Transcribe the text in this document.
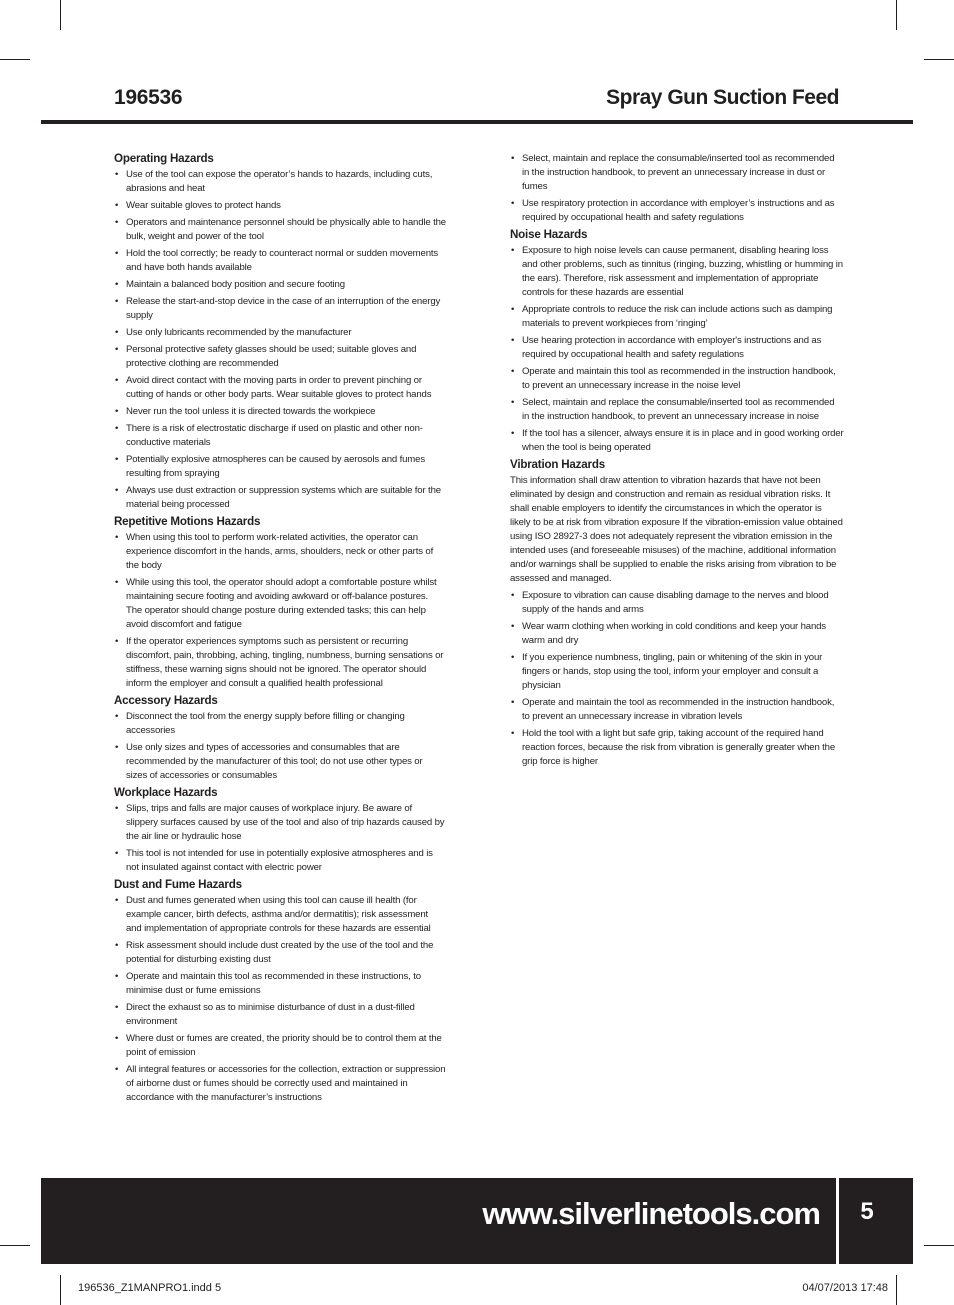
196536	Spray Gun Suction Feed
Operating Hazards
• Use of the tool can expose the operator’s hands to hazards, including cuts, abrasions and heat
• Wear suitable gloves to protect hands
• Operators and maintenance personnel should be physically able to handle the bulk, weight and power of the tool
• Hold the tool correctly; be ready to counteract normal or sudden movements and have both hands available
• Maintain a balanced body position and secure footing
• Release the start-and-stop device in the case of an interruption of the energy supply
• Use only lubricants recommended by the manufacturer
• Personal protective safety glasses should be used; suitable gloves and protective clothing are recommended
• Avoid direct contact with the moving parts in order to prevent pinching or cutting of hands or other body parts. Wear suitable gloves to protect hands
• Never run the tool unless it is directed towards the workpiece
• There is a risk of electrostatic discharge if used on plastic and other non-conductive materials
• Potentially explosive atmospheres can be caused by aerosols and fumes resulting from spraying
• Always use dust extraction or suppression systems which are suitable for the material being processed
Repetitive Motions Hazards
• When using this tool to perform work-related activities, the operator can experience discomfort in the hands, arms, shoulders, neck or other parts of the body
• While using this tool, the operator should adopt a comfortable posture whilst maintaining secure footing and avoiding awkward or off-balance postures. The operator should change posture during extended tasks; this can help avoid discomfort and fatigue
• If the operator experiences symptoms such as persistent or recurring discomfort, pain, throbbing, aching, tingling, numbness, burning sensations or stiffness, these warning signs should not be ignored. The operator should inform the employer and consult a qualified health professional
Accessory Hazards
• Disconnect the tool from the energy supply before filling or changing accessories
• Use only sizes and types of accessories and consumables that are recommended by the manufacturer of this tool; do not use other types or sizes of accessories or consumables
Workplace Hazards
• Slips, trips and falls are major causes of workplace injury. Be aware of slippery surfaces caused by use of the tool and also of trip hazards caused by the air line or hydraulic hose
• This tool is not intended for use in potentially explosive atmospheres and is not insulated against contact with electric power
Dust and Fume Hazards
• Dust and fumes generated when using this tool can cause ill health (for example cancer, birth defects, asthma and/or dermatitis); risk assessment and implementation of appropriate controls for these hazards are essential
• Risk assessment should include dust created by the use of the tool and the potential for disturbing existing dust
• Operate and maintain this tool as recommended in these instructions, to minimise dust or fume emissions
• Direct the exhaust so as to minimise disturbance of dust in a dust-filled environment
• Where dust or fumes are created, the priority should be to control them at the point of emission
• All integral features or accessories for the collection, extraction or suppression of airborne dust or fumes should be correctly used and maintained in accordance with the manufacturer’s instructions
• Select, maintain and replace the consumable/inserted tool as recommended in the instruction handbook, to prevent an unnecessary increase in dust or fumes
• Use respiratory protection in accordance with employer’s instructions and as required by occupational health and safety regulations
Noise Hazards
• Exposure to high noise levels can cause permanent, disabling hearing loss and other problems, such as tinnitus (ringing, buzzing, whistling or humming in the ears). Therefore, risk assessment and implementation of appropriate controls for these hazards are essential
• Appropriate controls to reduce the risk can include actions such as damping materials to prevent workpieces from ‘ringing’
• Use hearing protection in accordance with employer's instructions and as required by occupational health and safety regulations
• Operate and maintain this tool as recommended in the instruction handbook, to prevent an unnecessary increase in the noise level
• Select, maintain and replace the consumable/inserted tool as recommended in the instruction handbook, to prevent an unnecessary increase in noise
• If the tool has a silencer, always ensure it is in place and in good working order when the tool is being operated
Vibration Hazards

This information shall draw attention to vibration hazards that have not been eliminated by design and construction and remain as residual vibration risks. It shall enable employers to identify the circumstances in which the operator is likely to be at risk from vibration exposure If the vibration-emission value obtained using ISO 28927-3 does not adequately represent the vibration emission in the intended uses (and foreseeable misuses) of the machine, additional information and/or warnings shall be supplied to enable the risks arising from vibration to be assessed and managed.

• Exposure to vibration can cause disabling damage to the nerves and blood supply of the hands and arms
• Wear warm clothing when working in cold conditions and keep your hands warm and dry
• If you experience numbness, tingling, pain or whitening of the skin in your fingers or hands, stop using the tool, inform your employer and consult a physician
• Operate and maintain the tool as recommended in the instruction handbook, to prevent an unnecessary increase in vibration levels
• Hold the tool with a light but safe grip, taking account of the required hand reaction forces, because the risk from vibration is generally greater when the grip force is higher
www.silverlinetools.com	5
196536_Z1MANPRO1.indd 5	04/07/2013 17:48
